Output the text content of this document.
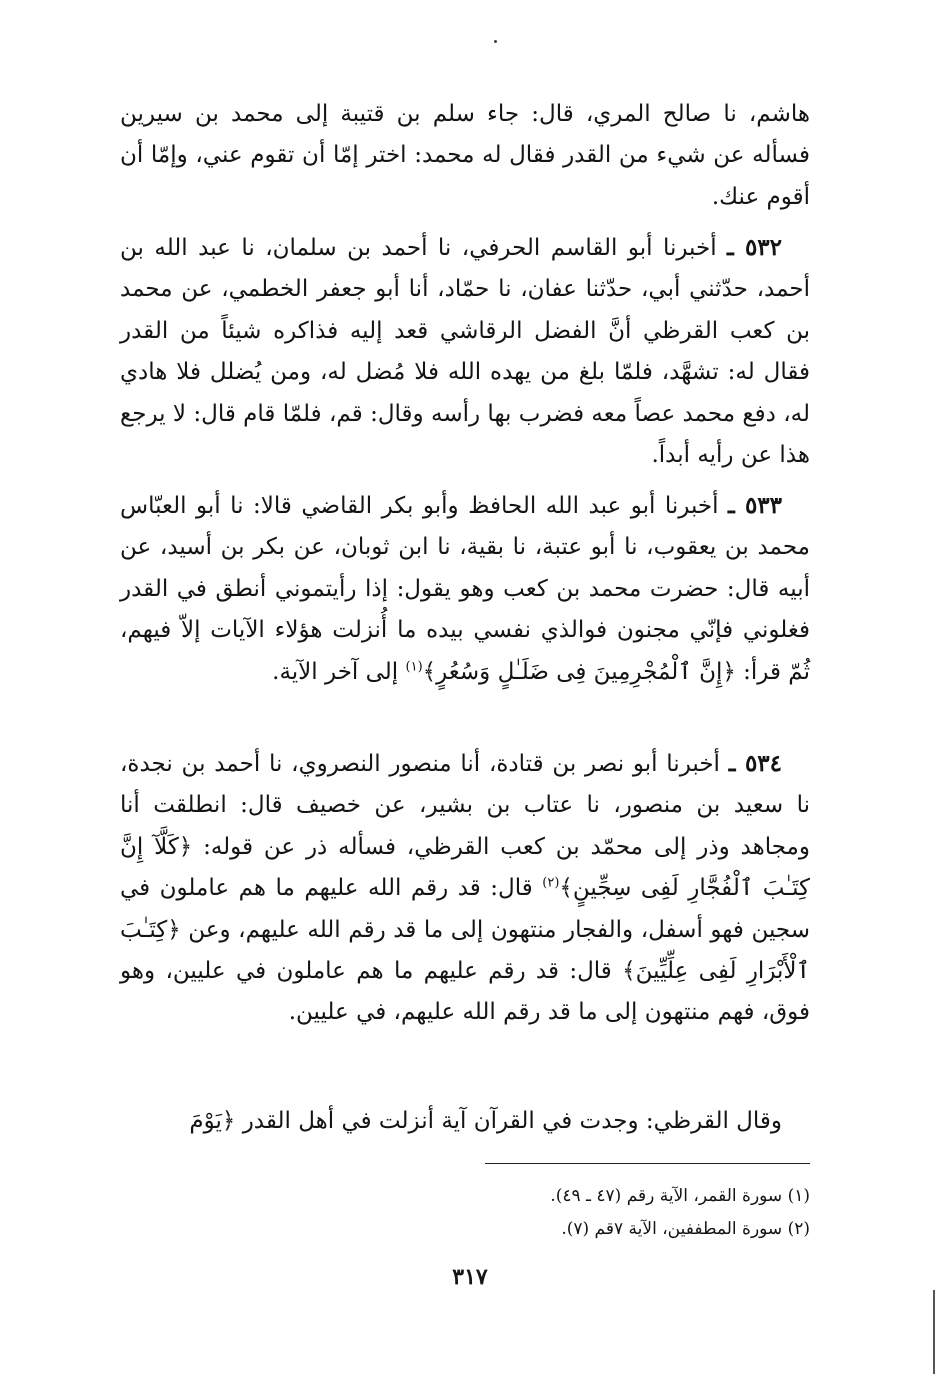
هاشم، نا صالح المري، قال: جاء سلم بن قتيبة إلى محمد بن سيرين فسأله عن شيء من القدر فقال له محمد: اختر إمّا أن تقوم عني، وإمّا أن أقوم عنك.

٥٣٢ ـ أخبرنا أبو القاسم الحرفي، نا أحمد بن سلمان، نا عبد الله بن أحمد، حدّثني أبي، حدّثنا عفان، نا حمّاد، أنا أبو جعفر الخطمي، عن محمد بن كعب القرظي أنَّ الفضل الرقاشي قعد إليه فذاكره شيئاً من القدر فقال له: تشهَّد، فلمّا بلغ من يهده الله فلا مُضل له، ومن يُضلل فلا هادي له، دفع محمد عصاً معه فضرب بها رأسه وقال: قم، فلمّا قام قال: لا يرجع هذا عن رأيه أبداً.

٥٣٣ ـ أخبرنا أبو عبد الله الحافظ وأبو بكر القاضي قالا: نا أبو العبّاس محمد بن يعقوب، نا أبو عتبة، نا بقية، نا ابن ثوبان، عن بكر بن أسيد، عن أبيه قال: حضرت محمد بن كعب وهو يقول: إذا رأيتموني أنطق في القدر فغلوني فإنّي مجنون فوالذي نفسي بيده ما أُنزلت هؤلاء الآيات إلاّ فيهم، ثُمّ قرأ: ﴿إِنَّ ٱلْمُجْرِمِينَ فِى ضَلَـٰلٍ وَسُعُرٍ﴾$^{(١)}$ إلى آخر الآية.

٥٣٤ ـ أخبرنا أبو نصر بن قتادة، أنا منصور النصروي، نا أحمد بن نجدة، نا سعيد بن منصور، نا عتاب بن بشير، عن خصيف قال: انطلقت أنا ومجاهد وذر إلى محمّد بن كعب القرظي، فسأله ذر عن قوله: ﴿كَلَّآ إِنَّ كِتَـٰبَ ٱلْفُجَّارِ لَفِى سِجِّينٍ﴾$^{(٢)}$ قال: قد رقم الله عليهم ما هم عاملون في سجين فهو أسفل، والفجار منتهون إلى ما قد رقم الله عليهم، وعن ﴿كِتَـٰبَ ٱلْأَبْرَارِ لَفِى عِلِّيِّينَ﴾ قال: قد رقم عليهم ما هم عاملون في عليين، وهو فوق، فهم منتهون إلى ما قد رقم الله عليهم، في عليين.

وقال القرظي: وجدت في القرآن آية أنزلت في أهل القدر ﴿يَوْمَ

(١) سورة القمر، الآية رقم (٤٧ ـ ٤٩).
(٢) سورة المطففين، الآية ٧قم (٧).
٣١٧
